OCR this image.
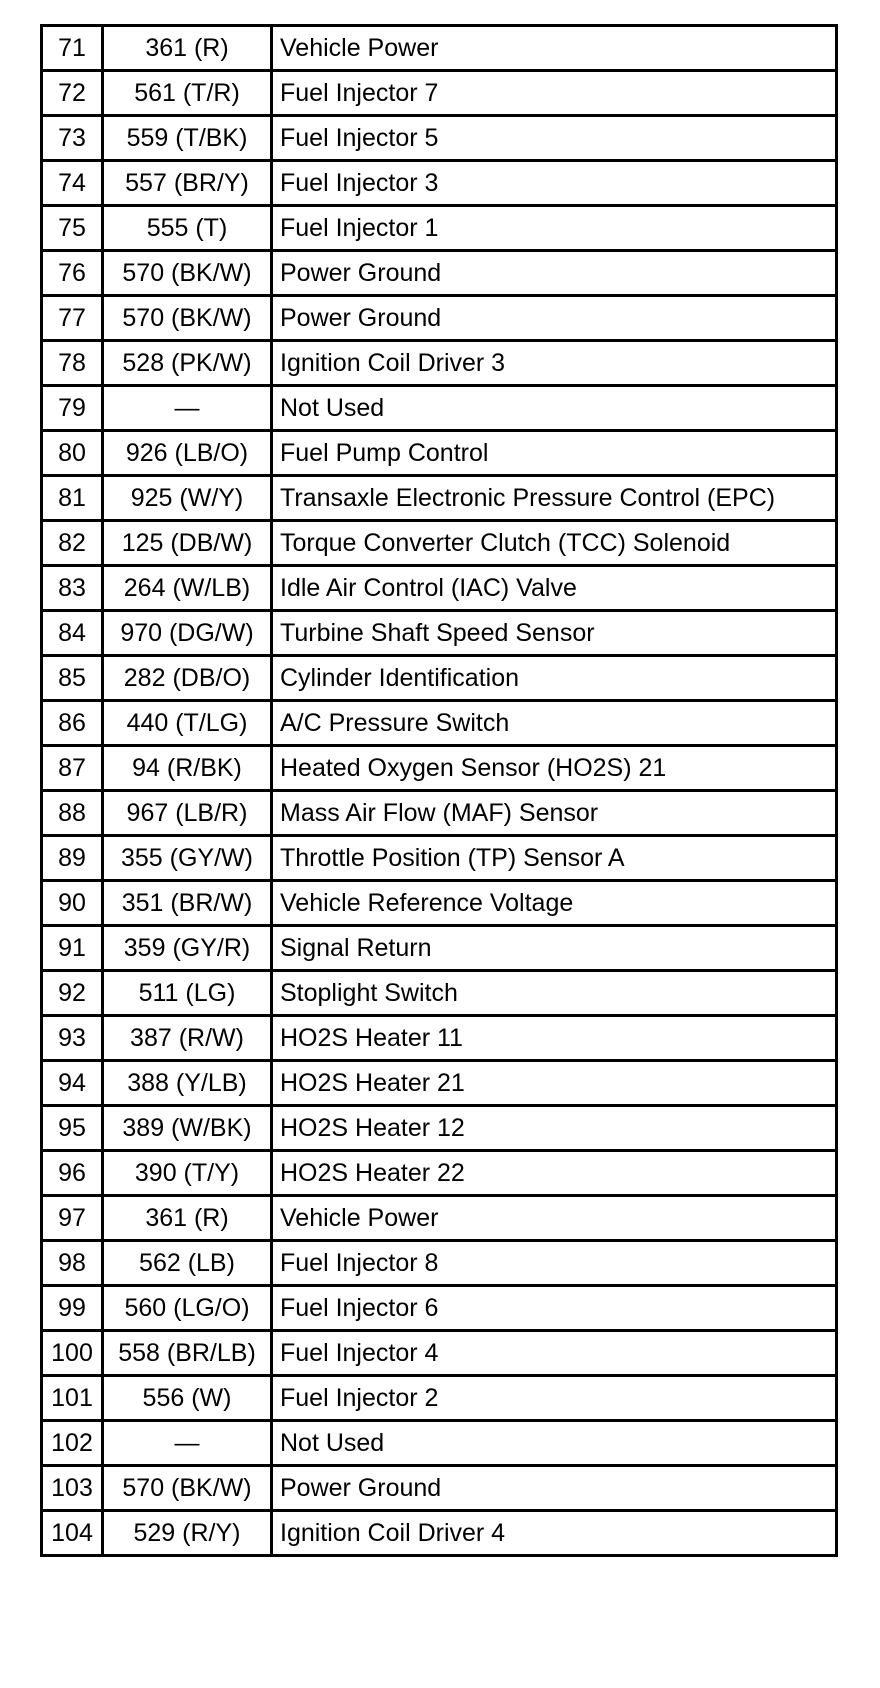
71	361 (R)	Vehicle Power
72	561 (T/R)	Fuel Injector 7
73	559 (T/BK)	Fuel Injector 5
74	557 (BR/Y)	Fuel Injector 3
75	555 (T)	Fuel Injector 1
76	570 (BK/W)	Power Ground
77	570 (BK/W)	Power Ground
78	528 (PK/W)	Ignition Coil Driver 3
79	—	Not Used
80	926 (LB/O)	Fuel Pump Control
81	925 (W/Y)	Transaxle Electronic Pressure Control (EPC)
82	125 (DB/W)	Torque Converter Clutch (TCC) Solenoid
83	264 (W/LB)	Idle Air Control (IAC) Valve
84	970 (DG/W)	Turbine Shaft Speed Sensor
85	282 (DB/O)	Cylinder Identification
86	440 (T/LG)	A/C Pressure Switch
87	94 (R/BK)	Heated Oxygen Sensor (HO2S) 21
88	967 (LB/R)	Mass Air Flow (MAF) Sensor
89	355 (GY/W)	Throttle Position (TP) Sensor A
90	351 (BR/W)	Vehicle Reference Voltage
91	359 (GY/R)	Signal Return
92	511 (LG)	Stoplight Switch
93	387 (R/W)	HO2S Heater 11
94	388 (Y/LB)	HO2S Heater 21
95	389 (W/BK)	HO2S Heater 12
96	390 (T/Y)	HO2S Heater 22
97	361 (R)	Vehicle Power
98	562 (LB)	Fuel Injector 8
99	560 (LG/O)	Fuel Injector 6
100	558 (BR/LB)	Fuel Injector 4
101	556 (W)	Fuel Injector 2
102	—	Not Used
103	570 (BK/W)	Power Ground
104	529 (R/Y)	Ignition Coil Driver 4
